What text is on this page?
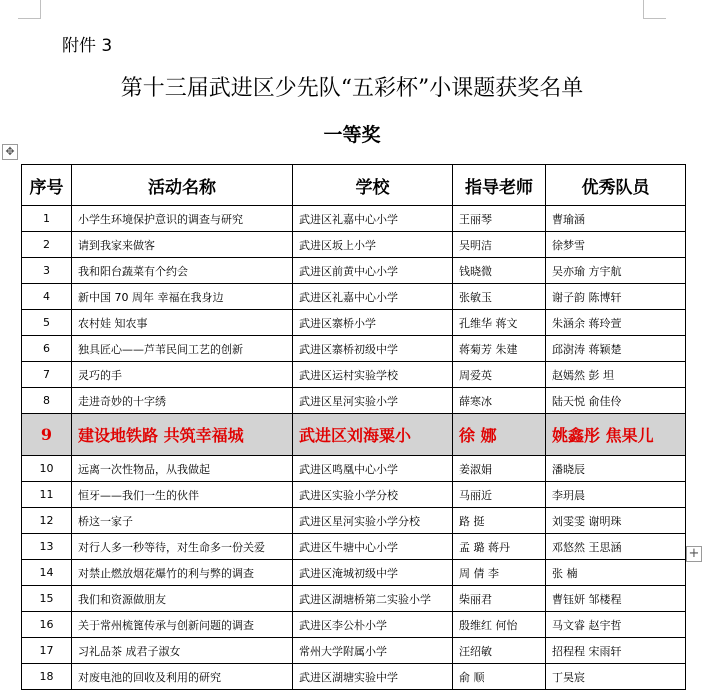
附件 3
第十三届武进区少先队“五彩杯”小课题获奖名单
一等奖
✥
+
序号	活动名称	学校	指导老师	优秀队员
1	小学生环境保护意识的调查与研究	武进区礼嘉中心小学	王丽琴	曹瑜涵
2	请到我家来做客	武进区坂上小学	吴明洁	徐梦雪
3	我和阳台蔬菜有个约会	武进区前黄中心小学	钱晓微	吴亦瑜 方宇航
4	新中国 70 周年 幸福在我身边	武进区礼嘉中心小学	张敏玉	谢子韵 陈博轩
5	农村娃 知农事	武进区寨桥小学	孔维华 蒋文	朱涵余 蒋玲萱
6	独具匠心——芦苇民间工艺的创新	武进区寨桥初级中学	蒋菊芳 朱建	邱澍涛 蒋颖楚
7	灵巧的手	武进区运村实验学校	周爱英	赵嫣然 彭 坦
8	走进奇妙的十字绣	武进区星河实验小学	薛寒冰	陆天悦 俞佳伶
9	建设地铁路 共筑幸福城	武进区刘海粟小	徐 娜	姚鑫彤 焦果儿
10	远离一次性物品，从我做起	武进区鸣凰中心小学	姜淑娟	潘晓辰
11	恒牙——我们一生的伙伴	武进区实验小学分校	马丽近	李玥晨
12	桥这一家子	武进区星河实验小学分校	路 挺	刘雯雯 谢明珠
13	对行人多一秒等待，对生命多一份关爱	武进区牛塘中心小学	孟 璐 蒋丹	邓悠然 王思涵
14	对禁止燃放烟花爆竹的利与弊的调查	武进区淹城初级中学	周 倩 李	张 楠
15	我们和资源做朋友	武进区湖塘桥第二实验小学	柴丽君	曹钰妍 邹楼程
16	关于常州梳篦传承与创新问题的调查	武进区李公朴小学	殷维红 何怡	马文睿 赵宇哲
17	习礼品茶 成君子淑女	常州大学附属小学	汪绍敏	招程程 宋雨轩
18	对废电池的回收及利用的研究	武进区湖塘实验中学	俞 顺	丁昊宸
